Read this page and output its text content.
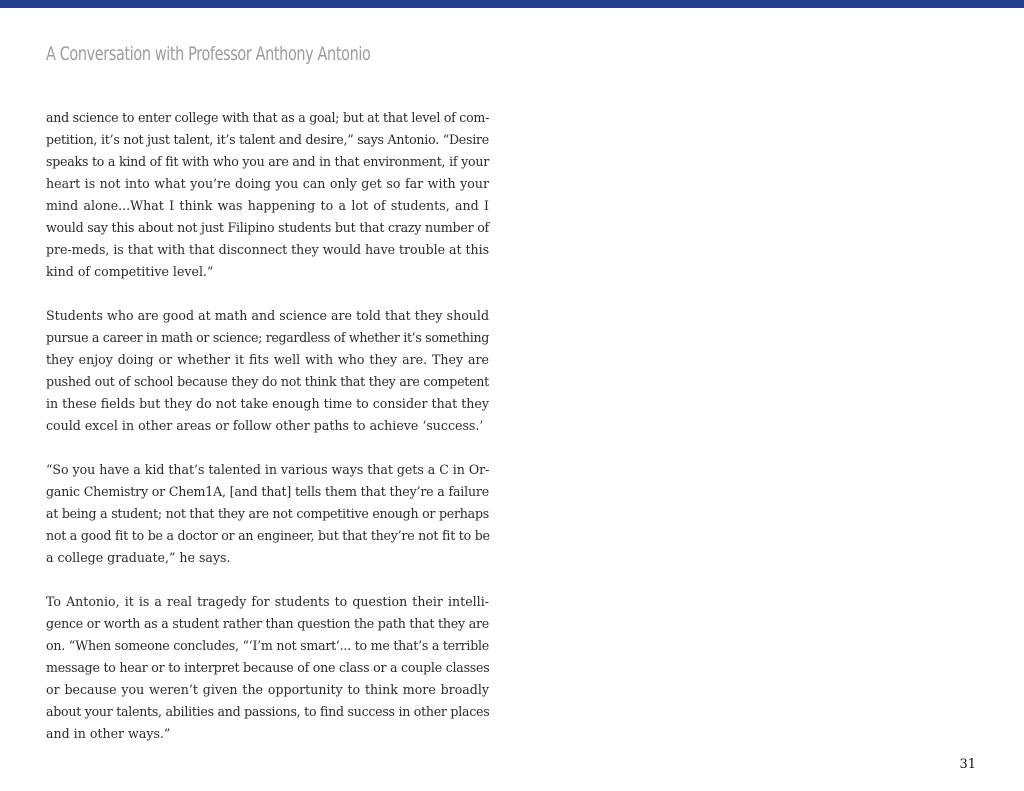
A Conversation with Professor Anthony Antonio
and science to enter college with that as a goal; but at that level of com-
petition, it’s not just talent, it’s talent and desire,” says Antonio. “Desire
speaks to a kind of fit with who you are and in that environment, if your
heart is not into what you’re doing you can only get so far with your
mind alone...What I think was happening to a lot of students, and I
would say this about not just Filipino students but that crazy number of
pre-meds, is that with that disconnect they would have trouble at this
kind of competitive level.”
Students who are good at math and science are told that they should
pursue a career in math or science; regardless of whether it’s something
they enjoy doing or whether it fits well with who they are. They are
pushed out of school because they do not think that they are competent
in these fields but they do not take enough time to consider that they
could excel in other areas or follow other paths to achieve ‘success.’
“So you have a kid that’s talented in various ways that gets a C in Or-
ganic Chemistry or Chem1A, [and that] tells them that they’re a failure
at being a student; not that they are not competitive enough or perhaps
not a good fit to be a doctor or an engineer, but that they’re not fit to be
a college graduate,” he says.
To Antonio, it is a real tragedy for students to question their intelli-
gence or worth as a student rather than question the path that they are
on. “When someone concludes, “‘I’m not smart’... to me that’s a terrible
message to hear or to interpret because of one class or a couple classes
or because you weren’t given the opportunity to think more broadly
about your talents, abilities and passions, to find success in other places
and in other ways.”
31
